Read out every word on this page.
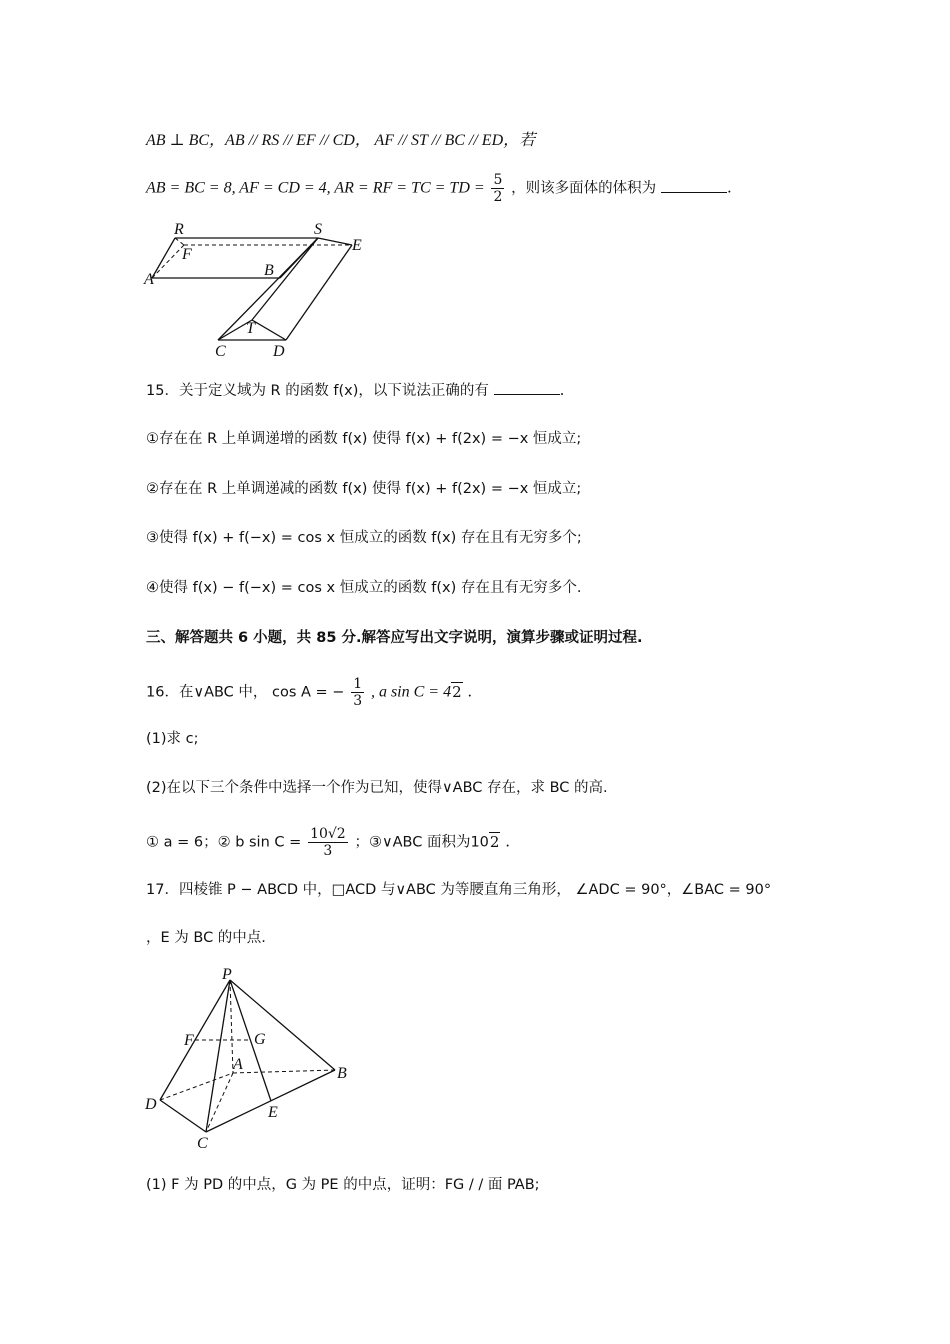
AB ⊥ BC，AB // RS // EF // CD， AF // ST // BC // ED，若
AB = BC = 8, AF = CD = 4, AR = RF = TC = TD = $\frac{5}{2}$ ，则该多面体的体积为	.
R	S
E
F
A
B
T
C	D
15．关于定义域为 R 的函数 f(x)，以下说法正确的有	.
①存在在 R 上单调递增的函数 f(x) 使得 f(x) + f(2x) = −x 恒成立;
②存在在 R 上单调递减的函数 f(x) 使得 f(x) + f(2x) = −x 恒成立;
③使得 f(x) + f(−x) = cos x 恒成立的函数 f(x) 存在且有无穷多个;
④使得 f(x) − f(−x) = cos x 恒成立的函数 f(x) 存在且有无穷多个.
三、解答题共 6 小题，共 85 分.解答应写出文字说明，演算步骤或证明过程.
16．在∨ABC 中， cos A = − $\frac{1}{3}$ , a sin C = 42 .
(1)求 c;
(2)在以下三个条件中选择一个作为已知，使得∨ABC 存在，求 BC 的高.
① a = 6；② b $\sin C = \frac{10√2}{3}$ ；③∨ABC 面积为102 .
17．四棱锥 P − ABCD 中，□ACD 与∨ABC 为等腰直角三角形， ∠ADC = 90°，∠BAC = 90°
，E 为 BC 的中点.
P
F	G
A
B
D	E
C
(1) F 为 PD 的中点，G 为 PE 的中点，证明：FG / / 面 PAB;
